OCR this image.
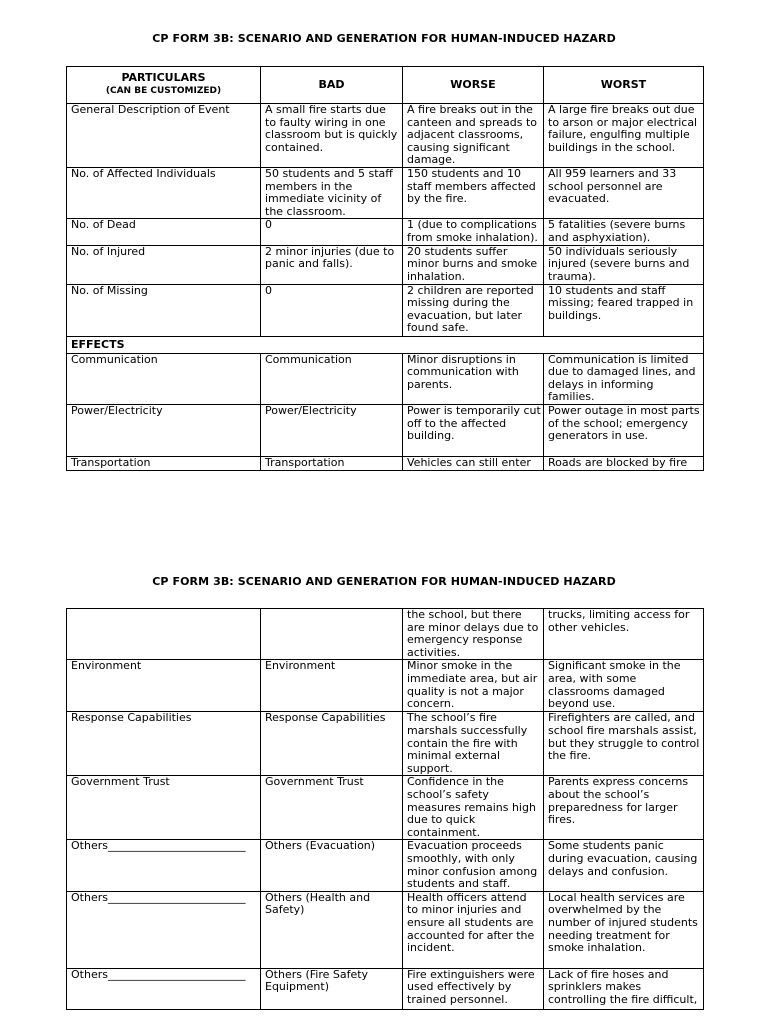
CP FORM 3B: SCENARIO AND GENERATION FOR HUMAN-INDUCED HAZARD
PARTICULARS
(CAN BE CUSTOMIZED)	BAD	WORSE	WORST
General Description of Event	A small fire starts due to faulty wiring in one classroom but is quickly contained.	A fire breaks out in the canteen and spreads to adjacent classrooms, causing significant damage.	A large fire breaks out due to arson or major electrical failure, engulfing multiple buildings in the school.
No. of Affected Individuals	50 students and 5 staff members in the immediate vicinity of the classroom.	150 students and 10 staff members affected by the fire.	All 959 learners and 33 school personnel are evacuated.
No. of Dead	0	1 (due to complications from smoke inhalation).	5 fatalities (severe burns and asphyxiation).
No. of Injured	2 minor injuries (due to panic and falls).	20 students suffer minor burns and smoke inhalation.	50 individuals seriously injured (severe burns and trauma).
No. of Missing	0	2 children are reported missing during the evacuation, but later found safe.	10 students and staff missing; feared trapped in buildings.
EFFECTS			
Communication	Communication	Minor disruptions in communication with parents.	Communication is limited due to damaged lines, and delays in informing families.
Power/Electricity	Power/Electricity	Power is temporarily cut off to the affected building.	Power outage in most parts of the school; emergency generators in use.
Transportation	Transportation	Vehicles can still enter	Roads are blocked by fire
CP FORM 3B: SCENARIO AND GENERATION FOR HUMAN-INDUCED HAZARD
		the school, but there are minor delays due to emergency response activities.	trucks, limiting access for other vehicles.
Environment	Environment	Minor smoke in the immediate area, but air quality is not a major concern.	Significant smoke in the area, with some classrooms damaged beyond use.
Response Capabilities	Response Capabilities	The school’s fire marshals successfully contain the fire with minimal external support.	Firefighters are called, and school fire marshals assist, but they struggle to control the fire.
Government Trust	Government Trust	Confidence in the school’s safety measures remains high due to quick containment.	Parents express concerns about the school’s preparedness for larger fires.
Others_________________________	Others (Evacuation)	Evacuation proceeds smoothly, with only minor confusion among students and staff.	Some students panic during evacuation, causing delays and confusion.
Others_________________________	Others (Health and Safety)	Health officers attend to minor injuries and ensure all students are accounted for after the incident.	Local health services are overwhelmed by the number of injured students needing treatment for smoke inhalation.
Others_________________________	Others (Fire Safety Equipment)	Fire extinguishers were used effectively by trained personnel.	Lack of fire hoses and sprinklers makes controlling the fire difficult,
